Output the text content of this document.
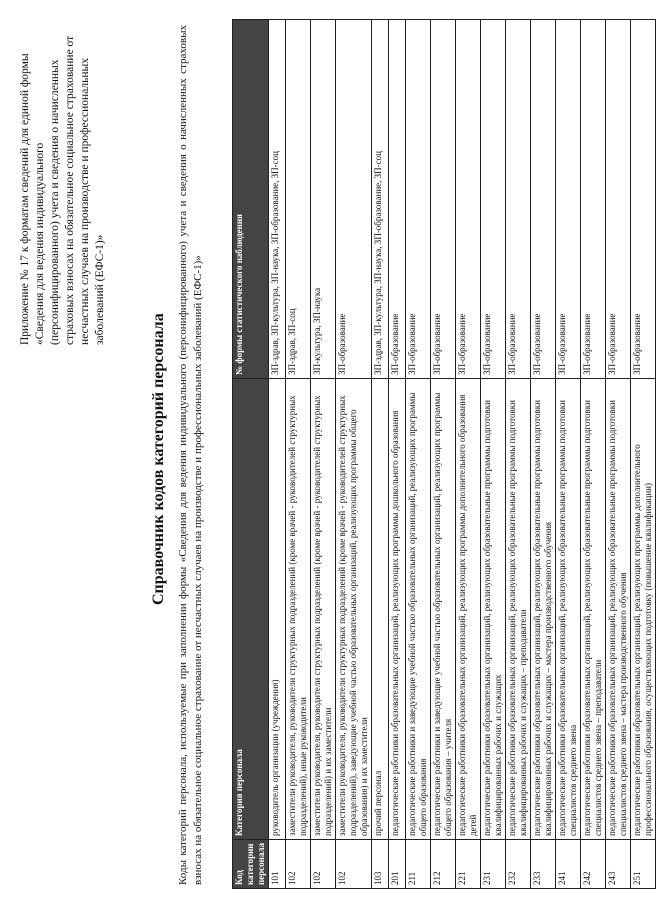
Приложение № 17 к форматам сведений для единой формы «Сведения для ведения индивидуального (персонифицированного) учета и сведения о начисленных страховых взносах на обязательное социальное страхование от несчастных случаев на производстве и профессиональных заболеваний (ЕФС-1)»
Справочник кодов категорий персонала Коды категорий персонала, используемые при заполнении формы «Сведения для ведения индивидуального (персонифицированного) учета и сведения о начисленных страховых взносах на обязательное социальное страхование от несчастных случаев на производстве и профессиональных заболеваний (ЕФС-1)»	Код категории персонала	Категория персонала	№ формы статистического наблюдения
101	руководитель организации (учреждения)	ЗП-здрав, ЗП-культура, ЗП-наука, ЗП-образование, ЗП-соц
102	заместители руководителя, руководители структурных подразделений (кроме врачей - руководителей структурных подразделений), иные руководители	ЗП-здрав, ЗП-соц
102	заместители руководителя, руководители структурных подразделений (кроме врачей - руководителей структурных подразделений) и их заместители	ЗП-культура, ЗП-наука
102	заместители руководителя, руководители структурных подразделений (кроме врачей - руководителей структурных подразделений), заведующие учебной частью образовательных организаций, реализующих программы общего образования) и их заместители	ЗП-образование
103	прочий персонал	ЗП-здрав, ЗП-культура, ЗП-наука, ЗП-образование, ЗП-соц
201	педагогические работники образовательных организаций, реализующих программы дошкольного образования	ЗП-образование
211	педагогические работники и заведующие учебной частью образовательных организаций, реализующих программы общего образования	ЗП-образование
212	педагогические работники и заведующие учебной частью образовательных организаций, реализующих программы общего образования – учителя	ЗП-образование
221	педагогические работники образовательных организаций, реализующих программы дополнительного образования детей	ЗП-образование
231	педагогические работники образовательных организаций, реализующих образовательные программы подготовки квалифицированных рабочих и служащих	ЗП-образование
232	педагогические работники образовательных организаций, реализующих образовательные программы подготовки квалифицированных рабочих и служащих – преподаватели	ЗП-образование
233	педагогические работники образовательных организаций, реализующих образовательные программы подготовки квалифицированных рабочих и служащих – мастера производственного обучения	ЗП-образование
241	педагогические работники образовательных организаций, реализующих образовательные программы подготовки специалистов среднего звена	ЗП-образование
242	педагогические работники образовательных организаций, реализующих образовательные программы подготовки специалистов среднего звена – преподаватели	ЗП-образование
243	педагогические работники образовательных организаций, реализующих образовательные программы подготовки специалистов среднего звена – мастера производственного обучения	ЗП-образование
251	педагогические работники образовательных организаций, реализующих программы дополнительного профессионального образования, осуществляющих подготовку (повышение квалификации)	ЗП-образование
